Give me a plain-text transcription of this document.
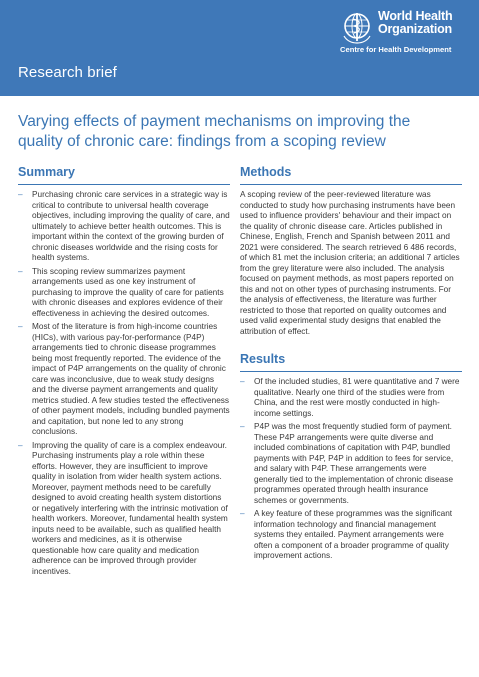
World Health
Organization
Centre for Health Development
Research brief
Varying effects of payment mechanisms on improving the quality of chronic care: findings from a scoping review
Summary
– Purchasing chronic care services in a strategic way is critical to contribute to universal health coverage objectives, including improving the quality of care, and ultimately to achieve better health outcomes. This is important within the context of the growing burden of chronic diseases worldwide and the rising costs for health systems.
– This scoping review summarizes payment arrangements used as one key instrument of purchasing to improve the quality of care for patients with chronic diseases and explores evidence of their effectiveness in achieving the desired outcomes.
– Most of the literature is from high-income countries (HICs), with various pay-for-performance (P4P) arrangements tied to chronic disease programmes being most frequently reported. The evidence of the impact of P4P arrangements on the quality of chronic care was inconclusive, due to weak study designs and the diverse payment arrangements and quality metrics studied. A few studies tested the effectiveness of other payment models, including bundled payments and capitation, but none led to any strong conclusions.
– Improving the quality of care is a complex endeavour. Purchasing instruments play a role within these efforts. However, they are insufficient to improve quality in isolation from wider health system actions. Moreover, payment methods need to be carefully designed to avoid creating health system distortions or negatively interfering with the intrinsic motivation of health workers. Moreover, fundamental health system inputs need to be available, such as qualified health workers and medicines, as it is otherwise questionable how care quality and medication adherence can be improved through provider incentives.
Methods

A scoping review of the peer-reviewed literature was conducted to study how purchasing instruments have been used to influence providers' behaviour and their impact on the quality of chronic disease care. Articles published in Chinese, English, French and Spanish between 2011 and 2021 were considered. The search retrieved 6 486 records, of which 81 met the inclusion criteria; an additional 7 articles from the grey literature were also included. The analysis focused on payment methods, as most papers reported on this and not on other types of purchasing instruments. For the analysis of effectiveness, the literature was further restricted to those that reported on quality outcomes and used valid experimental study designs that enabled the attribution of effect.

Results
– Of the included studies, 81 were quantitative and 7 were qualitative. Nearly one third of the studies were from China, and the rest were mostly conducted in high-income settings.
– P4P was the most frequently studied form of payment. These P4P arrangements were quite diverse and included combinations of capitation with P4P, bundled payments with P4P, P4P in addition to fees for service, and salary with P4P. These arrangements were generally tied to the implementation of chronic disease programmes operated through health insurance schemes or governments.
– A key feature of these programmes was the significant information technology and financial management systems they entailed. Payment arrangements were often a component of a broader programme of quality improvement actions.
